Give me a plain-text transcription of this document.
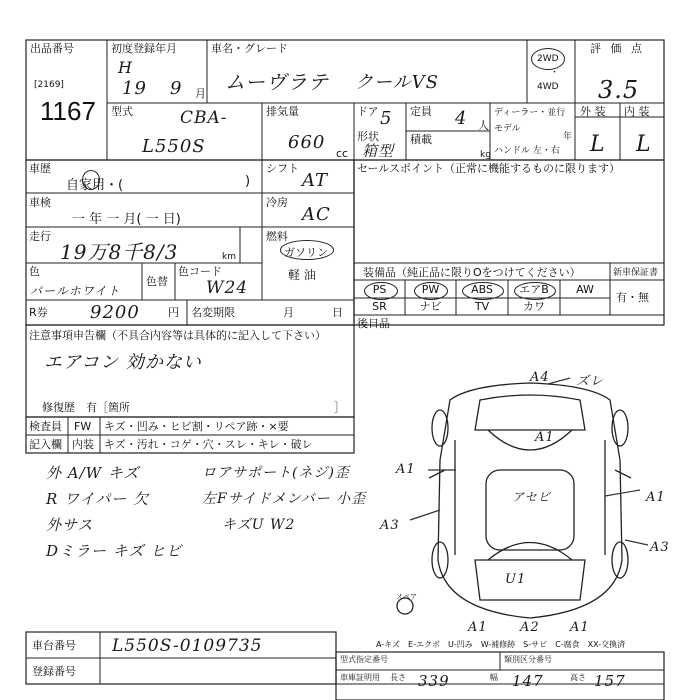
出品番号
[2169]
1167
初度登録年月
H
19 9 月
車名・グレード
ムーヴラテ クールVS
2WD
・
4WD
評 価 点
3.5
外 装 内 装
L L
型式	CBA-
L550S
排気量
660
cc
ドア 5
形状
箱型
定員 4 人
積載
kg
ディーラー・並行
モデル
年
ハンドル 左・右
車歴
自家用・(	)
シフト
AT
車検
一 年 一 月( 一 日)
冷房
AC
走行
19万8千8/3	km
燃料
ガソリン
軽 油
色
パールホワイト
色替
色コード
W24
R券 9200	円 名変期限	月	日
セールスポイント（正常に機能するものに限ります）
装備品（純正品に限りOをつけてください）	新車保証書
有・無
PS	PW	ABS	エアB	AW
SR	ナビ	TV	カワ
後日品
注意事項申告欄（不具合内容等は具体的に記入して下さい）
エアコン 効かない
修復歴　有［箇所	］
検査員 FW キズ・凹み・ヒビ割・リペア跡・×要
記入欄 内装 キズ・汚れ・コゲ・穴・スレ・キレ・破レ
外 A/W キズ
R ワイパー 欠
外サス
Dミラー キズ ヒビ
ロアサポート(ネジ)歪
左Fサイドメンバー 小歪
キズU W2
A4 ズレ
A1
A1
アセビ	A1
A3
A3
U1
A1 A2 A1
スペア
A-キズ　E-エクボ　U-凹み　W-補修跡　S-サビ　C-腐食　XX-交換済
車台番号 L550S-0109735
登録番号
型式指定番号	類別区分番号
車庫証明用 長さ 339	幅 147	高さ 157
